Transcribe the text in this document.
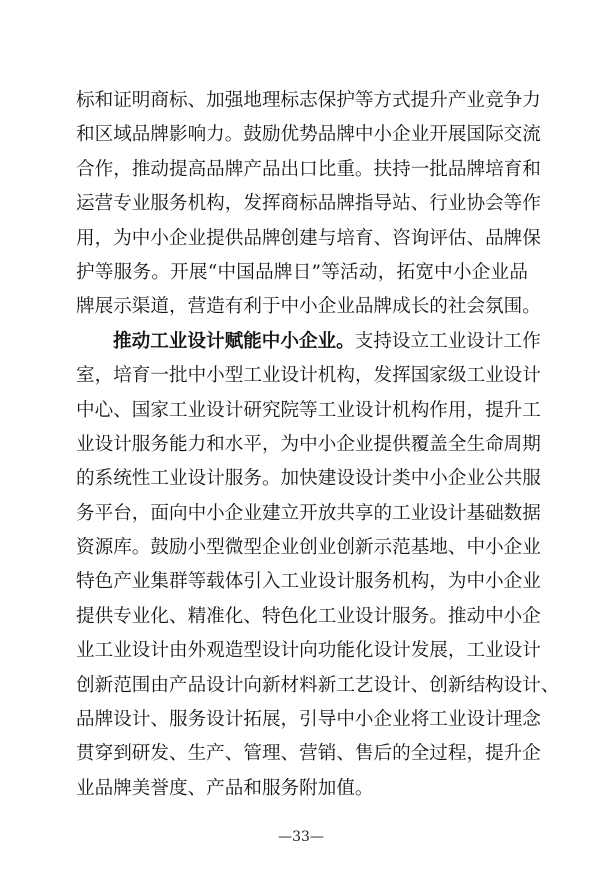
标和证明商标、加强地理标志保护等方式提升产业竞争力
和区域品牌影响力。鼓励优势品牌中小企业开展国际交流
合作，推动提高品牌产品出口比重。扶持一批品牌培育和
运营专业服务机构，发挥商标品牌指导站、行业协会等作
用，为中小企业提供品牌创建与培育、咨询评估、品牌保
护等服务。开展“中国品牌日”等活动，拓宽中小企业品
牌展示渠道，营造有利于中小企业品牌成长的社会氛围。
推动工业设计赋能中小企业。支持设立工业设计工作
室，培育一批中小型工业设计机构，发挥国家级工业设计
中心、国家工业设计研究院等工业设计机构作用，提升工
业设计服务能力和水平，为中小企业提供覆盖全生命周期
的系统性工业设计服务。加快建设设计类中小企业公共服
务平台，面向中小企业建立开放共享的工业设计基础数据
资源库。鼓励小型微型企业创业创新示范基地、中小企业
特色产业集群等载体引入工业设计服务机构，为中小企业
提供专业化、精准化、特色化工业设计服务。推动中小企
业工业设计由外观造型设计向功能化设计发展，工业设计
创新范围由产品设计向新材料新工艺设计、创新结构设计、
品牌设计、服务设计拓展，引导中小企业将工业设计理念
贯穿到研发、生产、管理、营销、售后的全过程，提升企
业品牌美誉度、产品和服务附加值。
—33—
